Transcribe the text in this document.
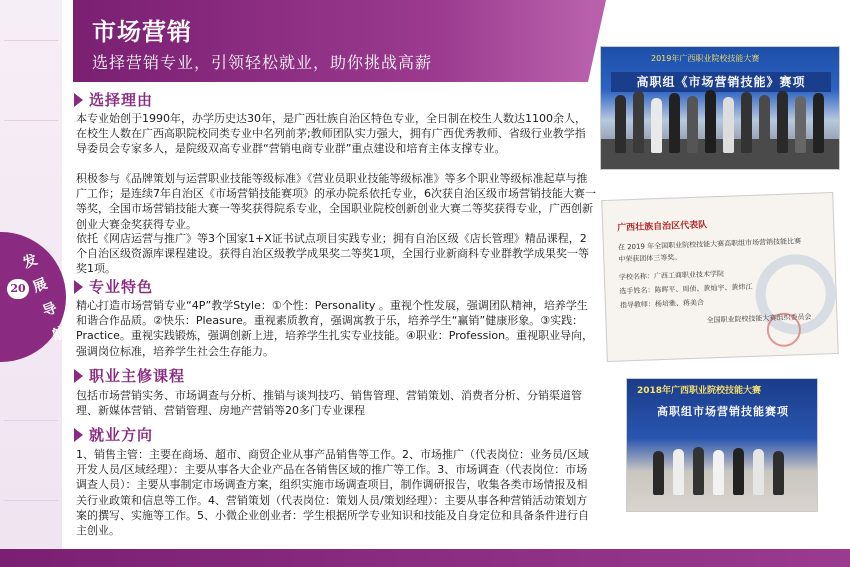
20
发展导航
市场营销
选择营销专业，引领轻松就业，助你挑战高薪
选择理由
本专业始创于1990年，办学历史达30年，是广西壮族自治区特色专业，全日制在校生人数达1100余人，在校生人数在广西高职院校同类专业中名列前茅;教师团队实力强大，拥有广西优秀教师、省级行业教学指导委员会专家多人，是院级双高专业群“营销电商专业群”重点建设和培育主体支撑专业。
积极参与《品牌策划与运营职业技能等级标准》《营业员职业技能等级标准》等多个职业等级标准起草与推广工作；是连续7年自治区《市场营销技能赛项》的承办院系依托专业，6次获自治区级市场营销技能大赛一等奖，全国市场营销技能大赛一等奖获得院系专业，全国职业院校创新创业大赛二等奖获得专业，广西创新创业大赛金奖获得专业。
依托《网店运营与推广》等3个国家1+X证书试点项目实践专业；拥有自治区级《店长管理》精品课程，2个自治区级资源库课程建设。获得自治区级教学成果奖二等奖1项，全国行业新商科专业群教学成果奖一等奖1项。
专业特色
精心打造市场营销专业“4P”教学Style：①个性：Personality 。重视个性发展，强调团队精神，培养学生和谐合作品质。②快乐：Pleasure。重视素质教育，强调寓教于乐，培养学生“赢销”健康形象。③实践：Practice。重视实践锻炼，强调创新上进，培养学生扎实专业技能。④职业：Profession。重视职业导向，强调岗位标准，培养学生社会生存能力。
职业主修课程
包括市场营销实务、市场调查与分析、推销与谈判技巧、销售管理、营销策划、消费者分析、分销渠道管理、新媒体营销、营销管理、房地产营销等20多门专业课程
就业方向
1、销售主管：主要在商场、超市、商贸企业从事产品销售等工作。2、市场推广（代表岗位：业务员/区域开发人员/区域经理）：主要从事各大企业产品在各销售区域的推广等工作。3、市场调查（代表岗位：市场调查人员）：主要从事制定市场调查方案，组织实施市场调查项目，制作调研报告，收集各类市场情报及相关行业政策和信息等工作。4、营销策划（代表岗位：策划人员/策划经理）：主要从事各种营销活动策划方案的撰写、实施等工作。5、小微企业创业者：学生根据所学专业知识和技能及自身定位和具备条件进行自主创业。
2019年广西职业院校技能大赛
高职组《市场营销技能》赛项
广西壮族自治区代表队
在 2019 年全国职业院校技能大赛高职组市场营销技能比赛
中荣获团体三等奖。
学校名称：广西工商职业技术学院
选手姓名：陈晖平、周侦、黄灿宇、黄炜江
指导教师：杨培雅、蒋美合
全国职业院校技能大赛组织委员会
2018年广西职业院校技能大赛
高职组市场营销技能赛项
